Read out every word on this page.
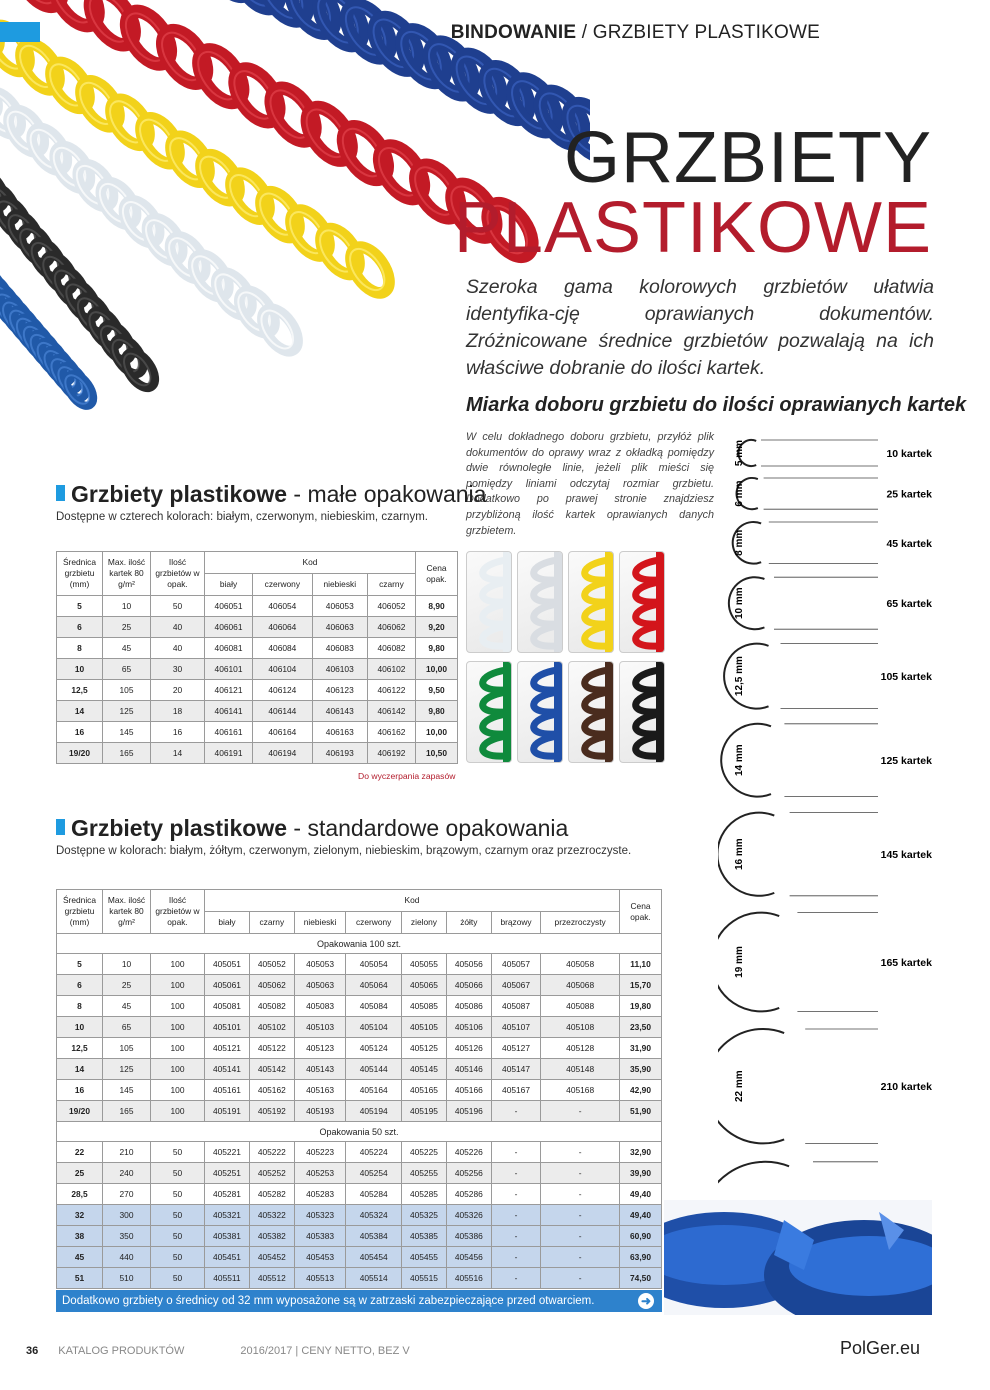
BINDOWANIE / GRZBIETY PLASTIKOWE
GRZBIETY
PLASTIKOWE

Szeroka gama kolorowych grzbietów ułatwia identyfika-cję oprawianych dokumentów. Zróżnicowane średnice grzbietów pozwalają na ich właściwe dobranie do ilości kartek.

Miarka doboru grzbietu do ilości oprawianych kartek

W celu dokładnego doboru grzbietu, przyłóż plik dokumentów do oprawy wraz z okładką pomiędzy dwie równoległe linie, jeżeli plik mieści się pomiędzy liniami odczytaj rozmiar grzbietu. Dodatkowo po prawej stronie znajdziesz przybliżoną ilość kartek oprawianych danych grzbietem.

5 mm	10 kartek
6 mm	25 kartek
8 mm	45 kartek
10 mm	65 kartek
12,5 mm	105 kartek
14 mm	125 kartek
16 mm	145 kartek
19 mm	165 kartek
22 mm	210 kartek
Grzbiety plastikowe - małe opakowania
Dostępne w czterech kolorach: białym, czerwonym, niebieskim, czarnym.
Średnica grzbietu (mm)	Max. ilość kartek 80 g/m²	Ilość grzbietów w opak.	Kod				Cena opak.
			biały	czerwony	niebieski	czarny	
5	10	50	406051	406054	406053	406052	8,90
6	25	40	406061	406064	406063	406062	9,20
8	45	40	406081	406084	406083	406082	9,80
10	65	30	406101	406104	406103	406102	10,00
12,5	105	20	406121	406124	406123	406122	9,50
14	125	18	406141	406144	406143	406142	9,80
16	145	16	406161	406164	406163	406162	10,00
19/20	165	14	406191	406194	406193	406192	10,50
Do wyczerpania zapasów
Grzbiety plastikowe - standardowe opakowania
Dostępne w kolorach: białym, żółtym, czerwonym, zielonym, niebieskim, brązowym, czarnym oraz przezroczyste.
Średnica grzbietu (mm)	Max. ilość kartek 80 g/m²	Ilość grzbietów w opak.	Kod								Cena opak.
			biały	czarny	niebieski	czerwony	zielony	żółty	brązowy	przezroczysty	
Opakowania 100 szt.											
5	10	100	405051	405052	405053	405054	405055	405056	405057	405058	11,10
6	25	100	405061	405062	405063	405064	405065	405066	405067	405068	15,70
8	45	100	405081	405082	405083	405084	405085	405086	405087	405088	19,80
10	65	100	405101	405102	405103	405104	405105	405106	405107	405108	23,50
12,5	105	100	405121	405122	405123	405124	405125	405126	405127	405128	31,90
14	125	100	405141	405142	405143	405144	405145	405146	405147	405148	35,90
16	145	100	405161	405162	405163	405164	405165	405166	405167	405168	42,90
19/20	165	100	405191	405192	405193	405194	405195	405196	-	-	51,90
Opakowania 50 szt.											
22	210	50	405221	405222	405223	405224	405225	405226	-	-	32,90
25	240	50	405251	405252	405253	405254	405255	405256	-	-	39,90
28,5	270	50	405281	405282	405283	405284	405285	405286	-	-	49,40
32	300	50	405321	405322	405323	405324	405325	405326	-	-	49,40
38	350	50	405381	405382	405383	405384	405385	405386	-	-	60,90
45	440	50	405451	405452	405453	405454	405455	405456	-	-	63,90
51	510	50	405511	405512	405513	405514	405515	405516	-	-	74,50
Dodatkowo grzbiety o średnicy od 32 mm wyposażone są w zatrzaski zabezpieczające przed otwarciem.	➜
36 KATALOG PRODUKTÓW	2016/2017 | CENY NETTO, BEZ V	PolGer.eu
